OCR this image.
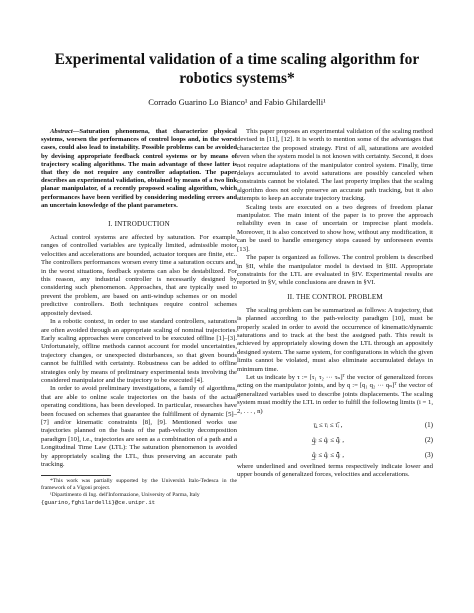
Experimental validation of a time scaling algorithm for robotics systems*
Corrado Guarino Lo Bianco¹ and Fabio Ghilardelli¹

Abstract—Saturation phenomena, that characterize physical systems, worsen the performances of control loops and, in the worst cases, could also lead to instability. Possible problems can be avoided by devising appropriate feedback control systems or by means of trajectory scaling algorithms. The main advantage of these latter is that they do not require any controller adaptation. The paper describes an experimental validation, obtained by means of a two link planar manipulator, of a recently proposed scaling algorithm, which performances have been verified by considering modeling errors and an uncertain knowledge of the plant parameters.

I. INTRODUCTION

Actual control systems are affected by saturation. For example, ranges of controlled variables are typically limited, admissible motor velocities and accelerations are bounded, actuator torques are finite, etc.. The controllers performances worsen every time a saturation occurs and, in the worst situations, feedback systems can also be destabilized. For this reason, any industrial controller is necessarily designed by considering such phenomenon. Approaches, that are typically used to prevent the problem, are based on anti-windup schemes or on model predictive controllers. Both techniques require control schemes appositely devised.

In a robotic context, in order to use standard controllers, saturations are often avoided through an appropriate scaling of nominal trajectories. Early scaling approaches were conceived to be executed offline [1]–[3]. Unfortunately, offline methods cannot account for model uncertainties, trajectory changes, or unexpected disturbances, so that given bounds cannot be fulfilled with certainty. Robustness can be added to offline strategies only by means of preliminary experimental tests involving the considered manipulator and the trajectory to be executed [4].

In order to avoid preliminary investigations, a family of algorithms, that are able to online scale trajectories on the basis of the actual operating conditions, has been developed. In particular, researches have been focused on schemes that guarantee the fulfillment of dynamic [5]–[7] and/or kinematic constraints [8], [9]. Mentioned works use trajectories planned on the basis of the path-velocity decomposition paradigm [10], i.e., trajectories are seen as a combination of a path and a Longitudinal Time Law (LTL): The saturation phenomenon is avoided by appropriately scaling the LTL, thus preserving an accurate path tracking.

*This work was partially supported by the Università Italo-Tedesca in the framework of a Vigoni project.

¹Dipartimento di Ing. dell'Informazione, University of Parma, Italy

{guarino,fghilardelli}@ce.unipr.it

This paper proposes an experimental validation of the scaling method devised in [11], [12]. It is worth to mention some of the advantages that characterize the proposed strategy. First of all, saturations are avoided even when the system model is not known with certainty. Second, it does not require adaptations of the manipulator control system. Finally, time delays accumulated to avoid saturations are possibly canceled when constraints cannot be violated. The last property implies that the scaling algorithm does not only preserve an accurate path tracking, but it also attempts to keep an accurate trajectory tracking.

Scaling tests are executed on a two degrees of freedom planar manipulator. The main intent of the paper is to prove the approach reliability even in case of uncertain or imprecise plant models. Moreover, it is also conceived to show how, without any modification, it can be used to handle emergency stops caused by unforeseen events [13].

The paper is organized as follows. The control problem is described in §II, while the manipulator model is devised in §III. Appropriate constraints for the LTL are evaluated in §IV. Experimental results are reported in §V, while conclusions are drawn in §VI.

II. THE CONTROL PROBLEM

The scaling problem can be summarized as follows: A trajectory, that is planned according to the path-velocity paradigm [10], must be properly scaled in order to avoid the occurrence of kinematic/dynamic saturations and to track at the best the assigned path. This result is achieved by appropriately slowing down the LTL through an appositely designed system. The same system, for configurations in which the given limits cannot be violated, must also eliminate accumulated delays in minimum time.

Let us indicate by τ := [τ₁ τ₂ ··· τₙ]ᵀ the vector of generalized forces acting on the manipulator joints, and by q := [q₁ q₂ ··· qₙ]ᵀ the vector of generalized variables used to describe joints displacements. The scaling system must modify the LTL in order to fulfill the following limits (i = 1, 2, . . . , n)

τ̲ᵢ ≤ τᵢ ≤ τ̄ᵢ ,	(1)
q̲̇ᵢ ≤ q̇ᵢ ≤ q̇̄ᵢ ,	(2)
q̲̈ᵢ ≤ q̈ᵢ ≤ q̈̄ᵢ ,	(3)

where underlined and overlined terms respectively indicate lower and upper bounds of generalized forces, velocities and accelerations.
